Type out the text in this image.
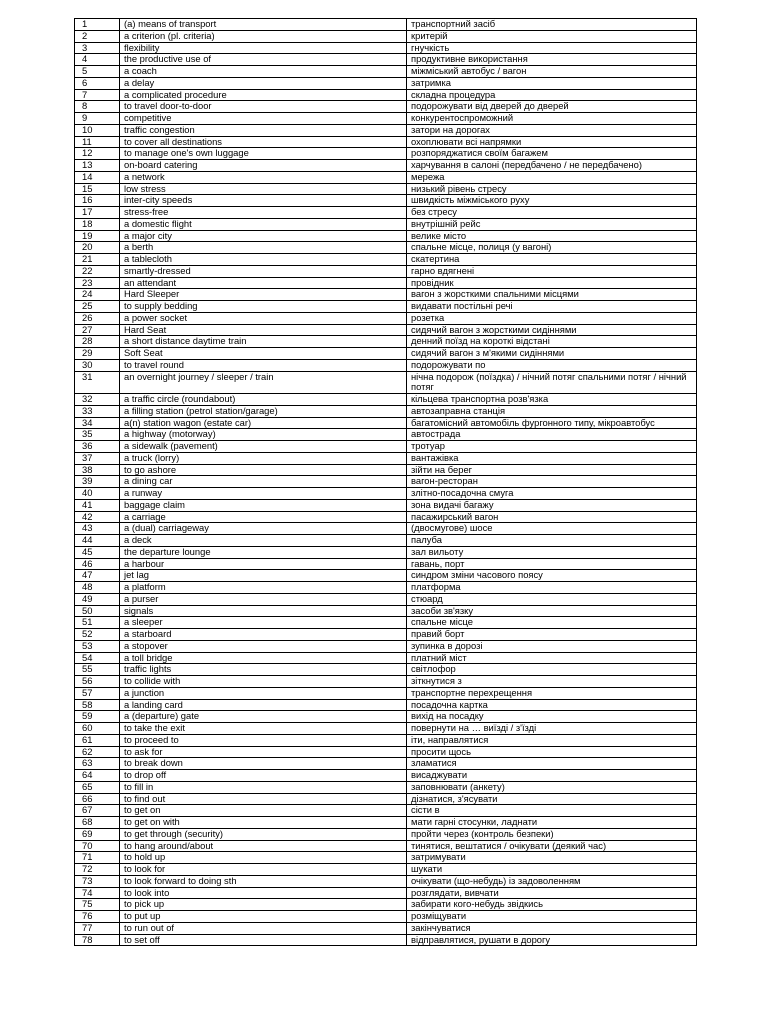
1	(a) means of transport	транспортний засіб
2	a criterion (pl. criteria)	критерій
3	flexibility	гнучкість
4	the productive use of	продуктивне використання
5	a coach	міжміський автобус / вагон
6	a delay	затримка
7	a complicated procedure	складна процедура
8	to travel door-to-door	подорожувати від дверей до дверей
9	competitive	конкурентоспроможний
10	traffic congestion	затори на дорогах
11	to cover all destinations	охоплювати всі напрямки
12	to manage one's own luggage	розпоряджатися своїм багажем
13	on-board catering	харчування в салоні (передбачено / не передбачено)
14	a network	мережа
15	low stress	низький рівень стресу
16	inter-city speeds	швидкість міжміського руху
17	stress-free	без стресу
18	a domestic flight	внутрішній рейс
19	a major city	велике місто
20	a berth	спальне місце, полиця (у вагоні)
21	a tablecloth	скатертина
22	smartly-dressed	гарно вдягнені
23	an attendant	провідник
24	Hard Sleeper	вагон з жорсткими спальними місцями
25	to supply bedding	видавати постільні речі
26	a power socket	розетка
27	Hard Seat	сидячий вагон з жорсткими сидіннями
28	a short distance daytime train	денний поїзд на короткі відстані
29	Soft Seat	сидячий вагон з м'якими сидіннями
30	to travel round	подорожувати по
31	an overnight journey / sleeper / train	нічна подорож (поїздка) / нічний потяг спальними потяг / нічний потяг
32	a traffic circle (roundabout)	кільцева транспортна розв'язка
33	a filling station (petrol station/garage)	автозаправна станція
34	a(n) station wagon (estate car)	багатомісний автомобіль фургонного типу, мікроавтобус
35	a highway (motorway)	автострада
36	a sidewalk (pavement)	тротуар
37	a truck (lorry)	вантажівка
38	to go ashore	зійти на берег
39	a dining car	вагон-ресторан
40	a runway	злітно-посадочна смуга
41	baggage claim	зона видачі багажу
42	a carriage	пасажирський вагон
43	a (dual) carriageway	(двосмугове) шосе
44	a deck	палуба
45	the departure lounge	зал вильоту
46	a harbour	гавань, порт
47	jet lag	синдром зміни часового поясу
48	a platform	платформа
49	a purser	стюард
50	signals	засоби зв'язку
51	a sleeper	спальне місце
52	a starboard	правий борт
53	a stopover	зупинка в дорозі
54	a toll bridge	платний міст
55	traffic lights	світлофор
56	to collide with	зіткнутися з
57	a junction	транспортне перехрещення
58	a landing card	посадочна картка
59	a (departure) gate	вихід на посадку
60	to take the exit	повернути на … виїзді / з'їзді
61	to proceed to	іти, направлятися
62	to ask for	просити щось
63	to break down	зламатися
64	to drop off	висаджувати
65	to fill in	заповнювати (анкету)
66	to find out	дізнатися, з'ясувати
67	to get on	сісти в
68	to get on with	мати гарні стосунки, ладнати
69	to get through (security)	пройти через (контроль безпеки)
70	to hang around/about	тинятися, вештатися / очікувати (деякий час)
71	to hold up	затримувати
72	to look for	шукати
73	to look forward to doing sth	очікувати (що-небудь) із задоволенням
74	to look into	розглядати, вивчати
75	to pick up	забирати кого-небудь звідкись
76	to put up	розміщувати
77	to run out of	закінчуватися
78	to set off	відправлятися, рушати в дорогу
